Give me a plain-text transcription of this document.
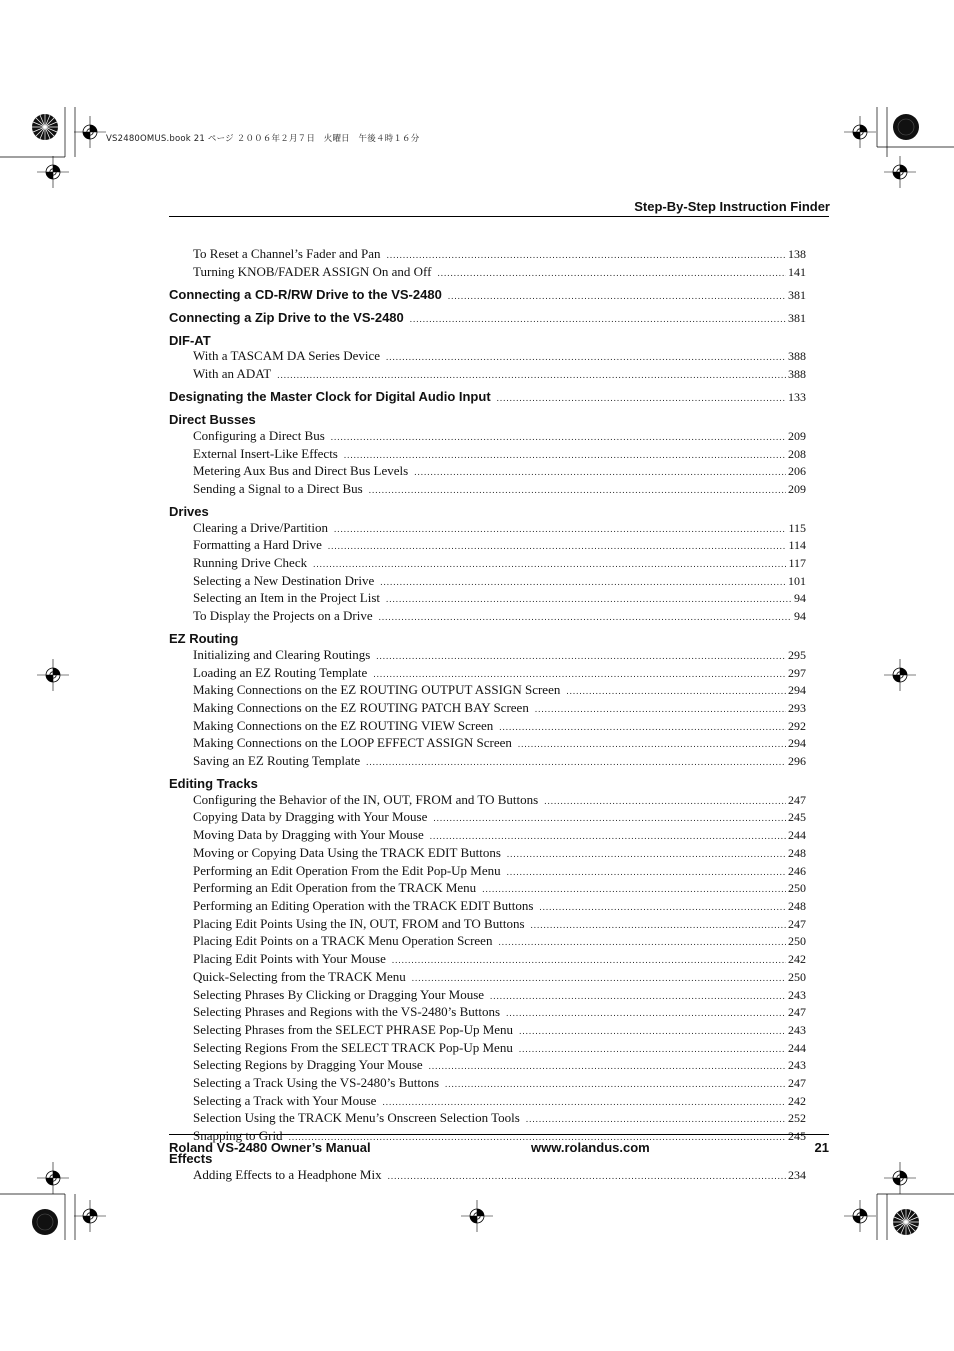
VS2480OMUS.book 21 ページ ２００６年２月７日　火曜日　午後４時１６分
Step-By-Step Instruction Finder
To Reset a Channel’s Fader and Pan .....	138
Turning KNOB/FADER ASSIGN On and Off .....	141
Connecting a CD-R/RW Drive to the VS-2480 .....	381
Connecting a Zip Drive to the VS-2480 .....	381
DIF-AT
With a TASCAM DA Series Device .....	388
With an ADAT .....	388
Designating the Master Clock for Digital Audio Input .....	133
Direct Busses
Configuring a Direct Bus .....	209
External Insert-Like Effects .....	208
Metering Aux Bus and Direct Bus Levels .....	206
Sending a Signal to a Direct Bus .....	209
Drives
Clearing a Drive/Partition .....	115
Formatting a Hard Drive .....	114
Running Drive Check .....	117
Selecting a New Destination Drive .....	101
Selecting an Item in the Project List .....	94
To Display the Projects on a Drive .....	94
EZ Routing
Initializing and Clearing Routings .....	295
Loading an EZ Routing Template .....	297
Making Connections on the EZ ROUTING OUTPUT ASSIGN Screen .....	294
Making Connections on the EZ ROUTING PATCH BAY Screen .....	293
Making Connections on the EZ ROUTING VIEW Screen .....	292
Making Connections on the LOOP EFFECT ASSIGN Screen .....	294
Saving an EZ Routing Template .....	296
Editing Tracks
Configuring the Behavior of the IN, OUT, FROM and TO Buttons .....	247
Copying Data by Dragging with Your Mouse .....	245
Moving Data by Dragging with Your Mouse .....	244
Moving or Copying Data Using the TRACK EDIT Buttons .....	248
Performing an Edit Operation From the Edit Pop-Up Menu .....	246
Performing an Edit Operation from the TRACK Menu .....	250
Performing an Editing Operation with the TRACK EDIT Buttons .....	248
Placing Edit Points Using the IN, OUT, FROM and TO Buttons .....	247
Placing Edit Points on a TRACK Menu Operation Screen .....	250
Placing Edit Points with Your Mouse .....	242
Quick-Selecting from the TRACK Menu .....	250
Selecting Phrases By Clicking or Dragging Your Mouse .....	243
Selecting Phrases and Regions with the VS-2480’s Buttons .....	247
Selecting Phrases from the SELECT PHRASE Pop-Up Menu .....	243
Selecting Regions From the SELECT TRACK Pop-Up Menu .....	244
Selecting Regions by Dragging Your Mouse .....	243
Selecting a Track Using the VS-2480’s Buttons .....	247
Selecting a Track with Your Mouse .....	242
Selection Using the TRACK Menu’s Onscreen Selection Tools .....	252
Snapping to Grid .....	245
Effects
Adding Effects to a Headphone Mix .....	234
Roland VS-2480 Owner’s Manual	www.rolandus.com	21
